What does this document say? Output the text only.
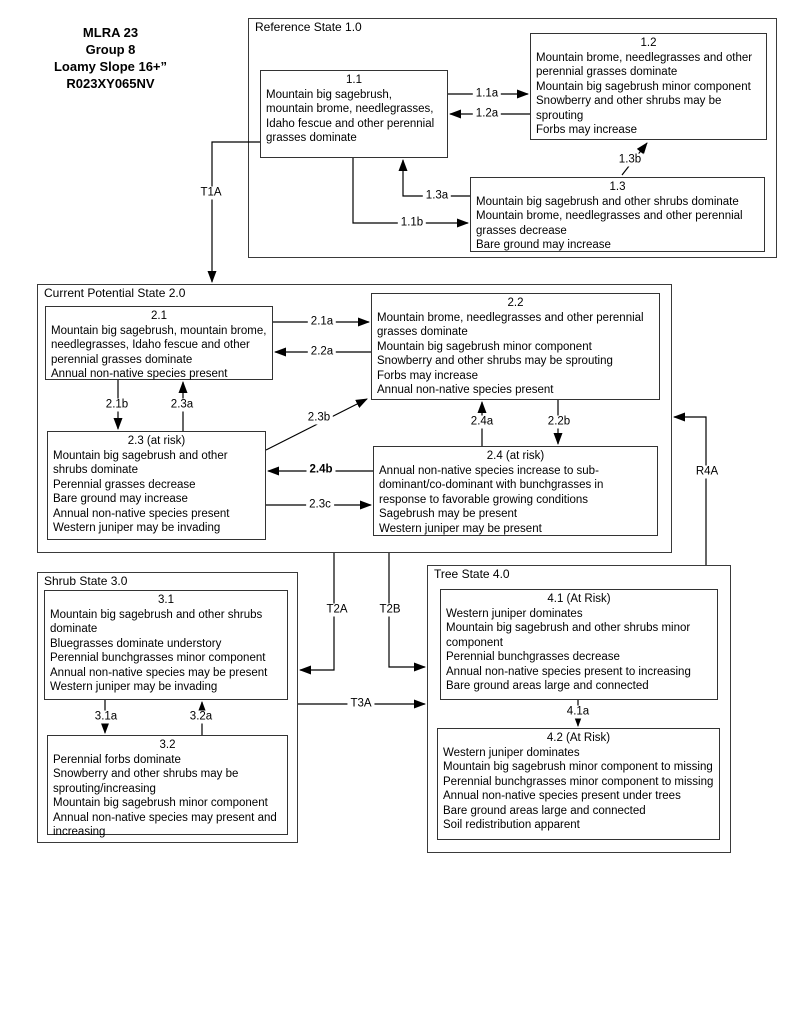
MLRA 23
Group 8
Loamy Slope 16+”
R023XY065NV
Reference State 1.0
Current Potential State 2.0
Shrub State 3.0	Tree State 4.0
1.1
Mountain big sagebrush, mountain brome, needlegrasses, Idaho fescue and other perennial grasses dominate
1.2
Mountain brome, needlegrasses and other perennial grasses dominate
Mountain big sagebrush minor component
Snowberry and other shrubs may be sprouting
Forbs may increase
1.3
Mountain big sagebrush and other shrubs dominate
Mountain brome, needlegrasses and other perennial grasses decrease
Bare ground may increase
2.1
Mountain big sagebrush, mountain brome, needlegrasses, Idaho fescue and other perennial grasses dominate
Annual non-native species present
2.2
Mountain brome, needlegrasses and other perennial grasses dominate
Mountain big sagebrush minor component
Snowberry and other shrubs may be sprouting
Forbs may increase
Annual non-native species present
2.3 (at risk)
Mountain big sagebrush and other shrubs dominate
Perennial grasses decrease
Bare ground may increase
Annual non-native species present
Western juniper may be invading
2.4 (at risk)
Annual non-native species increase to sub-dominant/co-dominant with bunchgrasses in response to favorable growing conditions
Sagebrush may be present
Western juniper may be present
3.1
Mountain big sagebrush and other shrubs dominate
Bluegrasses dominate understory
Perennial bunchgrasses minor component
Annual non-native species may be present
Western juniper may be invading
3.2
Perennial forbs dominate
Snowberry and other shrubs may be sprouting/increasing
Mountain big sagebrush minor component
Annual non-native species may present and increasing
4.1 (At Risk)
Western juniper dominates
Mountain big sagebrush and other shrubs minor component
Perennial bunchgrasses decrease
Annual non-native species present to increasing
Bare ground areas large and connected
4.2 (At Risk)
Western juniper dominates
Mountain big sagebrush minor component to missing
Perennial bunchgrasses minor component to missing
Annual non-native species present under trees
Bare ground areas large and connected
Soil redistribution apparent
1.1a
1.2a
1.3a
1.1b
1.3b
T1A
2.1a
2.2a
2.1b	2.3a
2.3b
2.4b
2.3c
2.4a	2.2b
R4A
T2A	T2B
T3A
3.1a	3.2a	4.1a
